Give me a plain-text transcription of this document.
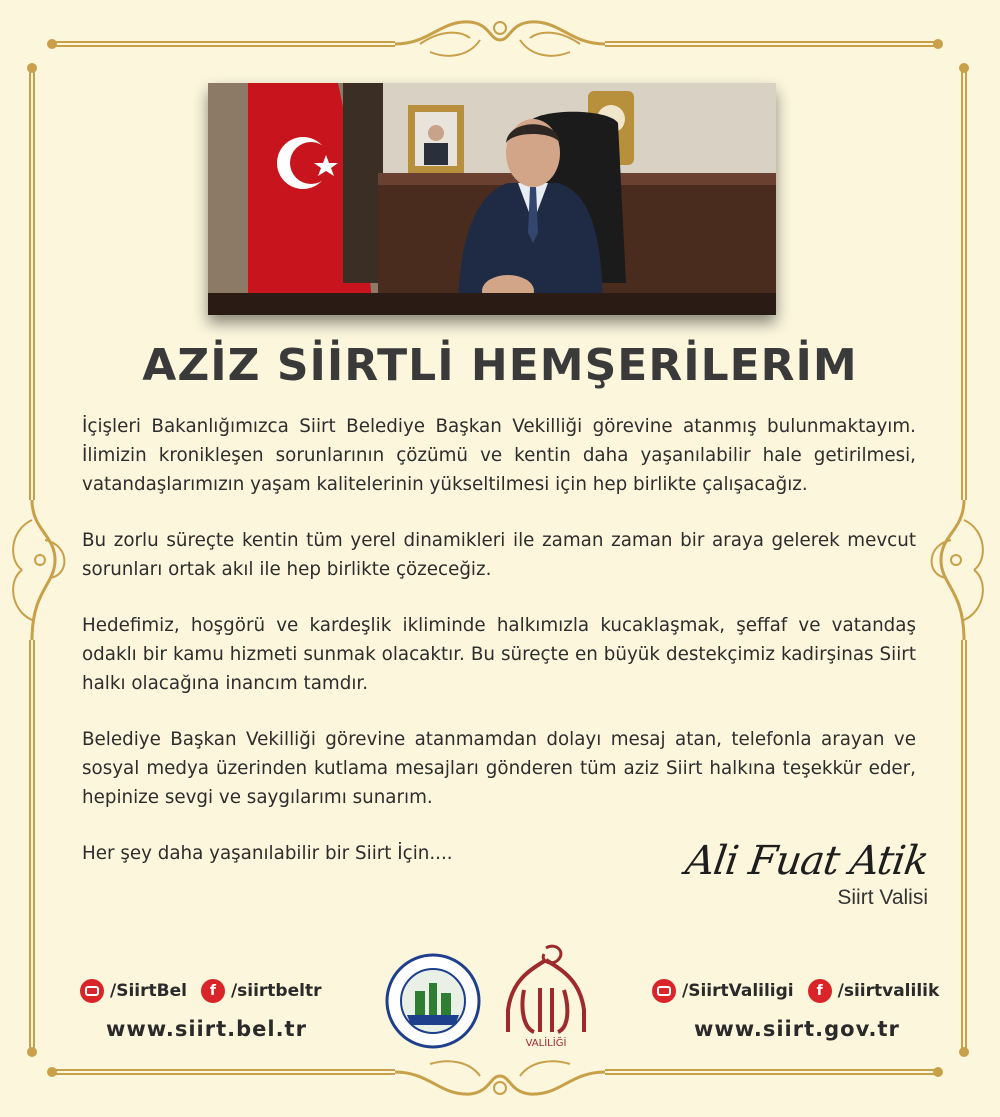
AZİZ SİİRTLİ HEMŞERİLERİM

İçişleri Bakanlığımızca Siirt Belediye Başkan Vekilliği görevine atanmış bulunmaktayım. İlimizin kronikleşen sorunlarının çözümü ve kentin daha yaşanılabilir hale getirilmesi, vatandaşlarımızın yaşam kalitelerinin yükseltilmesi için hep birlikte çalışacağız.

Bu zorlu süreçte kentin tüm yerel dinamikleri ile zaman zaman bir araya gelerek mevcut sorunları ortak akıl ile hep birlikte çözeceğiz.

Hedefimiz, hoşgörü ve kardeşlik ikliminde halkımızla kucaklaşmak, şeffaf ve vatandaş odaklı bir kamu hizmeti sunmak olacaktır. Bu süreçte en büyük destekçimiz kadirşinas Siirt halkı olacağına inancım tamdır.

Belediye Başkan Vekilliği görevine atanmamdan dolayı mesaj atan, telefonla arayan ve sosyal medya üzerinden kutlama mesajları gönderen tüm aziz Siirt halkına teşekkür eder, hepinize sevgi ve saygılarımı sunarım.

Her şey daha yaşanılabilir bir Siirt İçin....	Ali Fuat Atik
Siirt Valisi
/SiirtBel	f /siirtbeltr
www.siirt.bel.tr
VALİLİĞİ
/SiirtValiligi	f /siirtvalilik
www.siirt.gov.tr
